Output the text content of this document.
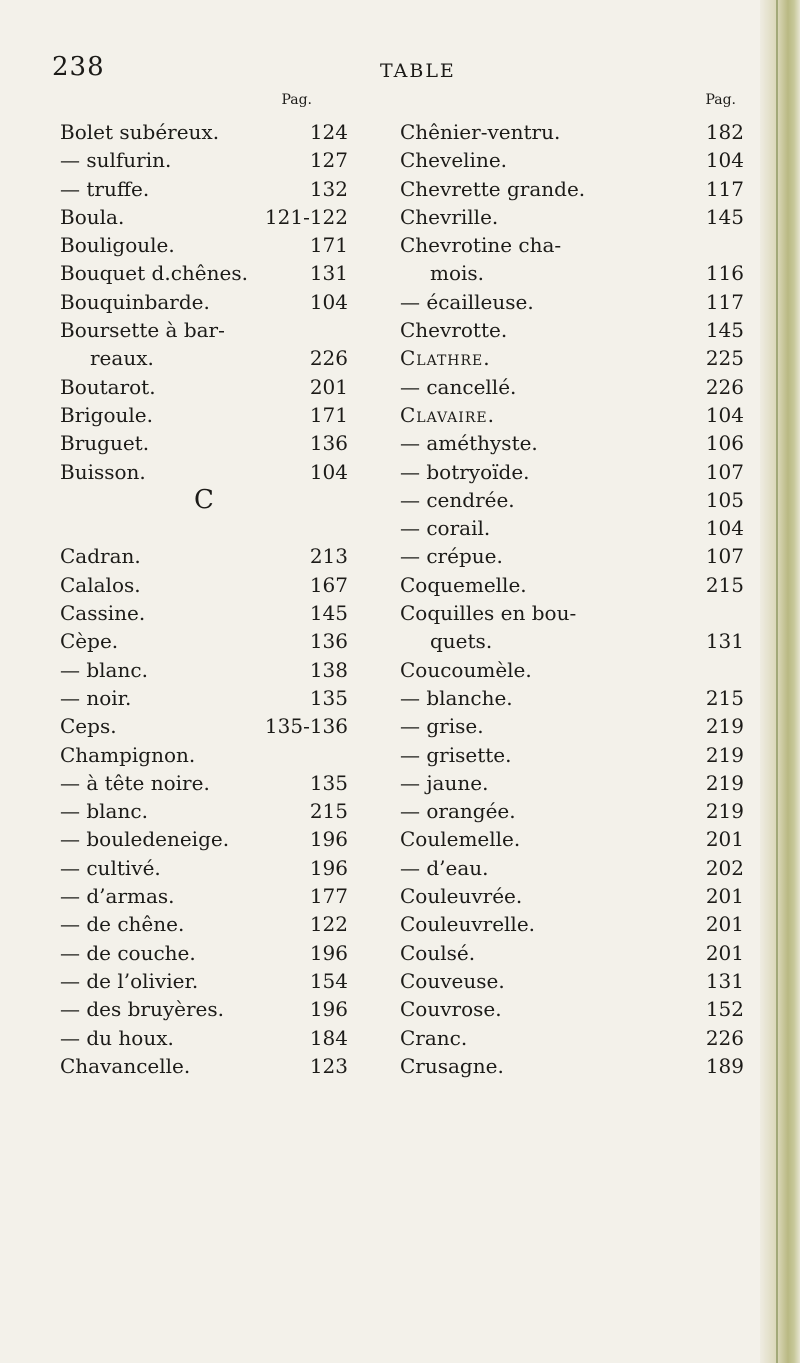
238	TABLE
Pag.
Bolet subéreux.	124
— sulfurin.	127
— truffe.	132
Boula.	121-122
Bouligoule.	171
Bouquet d.chênes.	131
Bouquinbarde.	104
Boursette à bar-
reaux.	226
Boutarot.	201
Brigoule.	171
Bruguet.	136
Buisson.	104
C
Cadran.	213
Calalos.	167
Cassine.	145
Cèpe.	136
— blanc.	138
— noir.	135
Ceps.	135-136
Champignon.
— à tête noire.	135
— blanc.	215
— bouledeneige.	196
— cultivé.	196
— d’armas.	177
— de chêne.	122
— de couche.	196
— de l’olivier.	154
— des bruyères.	196
— du houx.	184
Chavancelle.	123
Pag.
Chênier-ventru.	182
Cheveline.	104
Chevrette grande.	117
Chevrille.	145
Chevrotine cha-
mois.	116
— écailleuse.	117
Chevrotte.	145
Clathre.	225
— cancellé.	226
Clavaire.	104
— améthyste.	106
— botryoïde.	107
— cendrée.	105
— corail.	104
— crépue.	107
Coquemelle.	215
Coquilles en bou-
quets.	131
Coucoumèle.
— blanche.	215
— grise.	219
— grisette.	219
— jaune.	219
— orangée.	219
Coulemelle.	201
— d’eau.	202
Couleuvrée.	201
Couleuvrelle.	201
Coulsé.	201
Couveuse.	131
Couvrose.	152
Cranc.	226
Crusagne.	189
